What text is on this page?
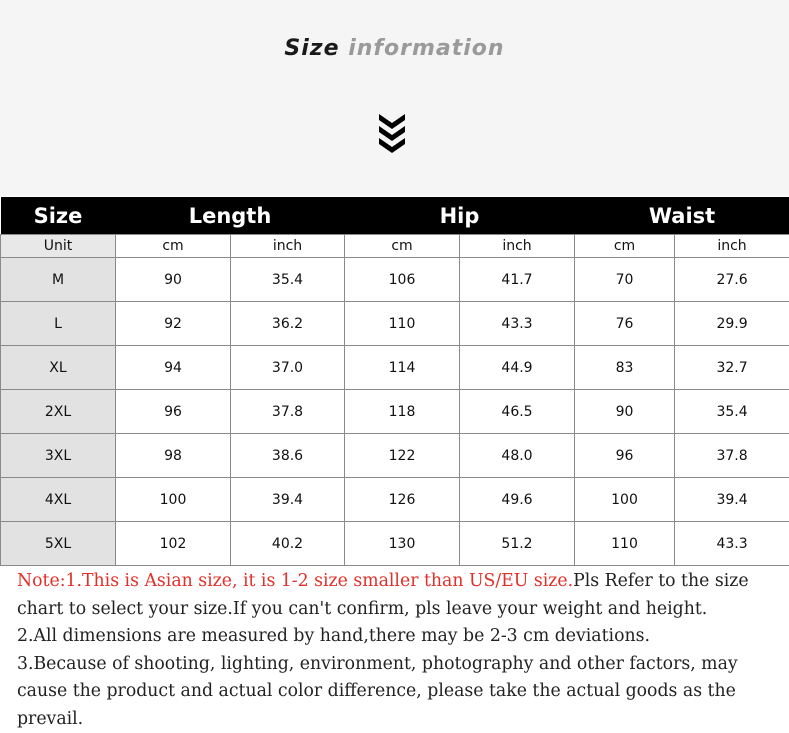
Size information
Size	Length		Hip		Waist	
Unit	cm	inch	cm	inch	cm	inch
M	90	35.4	106	41.7	70	27.6
L	92	36.2	110	43.3	76	29.9
XL	94	37.0	114	44.9	83	32.7
2XL	96	37.8	118	46.5	90	35.4
3XL	98	38.6	122	48.0	96	37.8
4XL	100	39.4	126	49.6	100	39.4
5XL	102	40.2	130	51.2	110	43.3

Note:1.This is Asian size, it is 1-2 size smaller than US/EU size.Pls Refer to the size chart to select your size.If you can't confirm, pls leave your weight and height.

2.All dimensions are measured by hand,there may be 2-3 cm deviations.

3.Because of shooting, lighting, environment, photography and other factors, may cause the product and actual color difference, please take the actual goods as the prevail.
